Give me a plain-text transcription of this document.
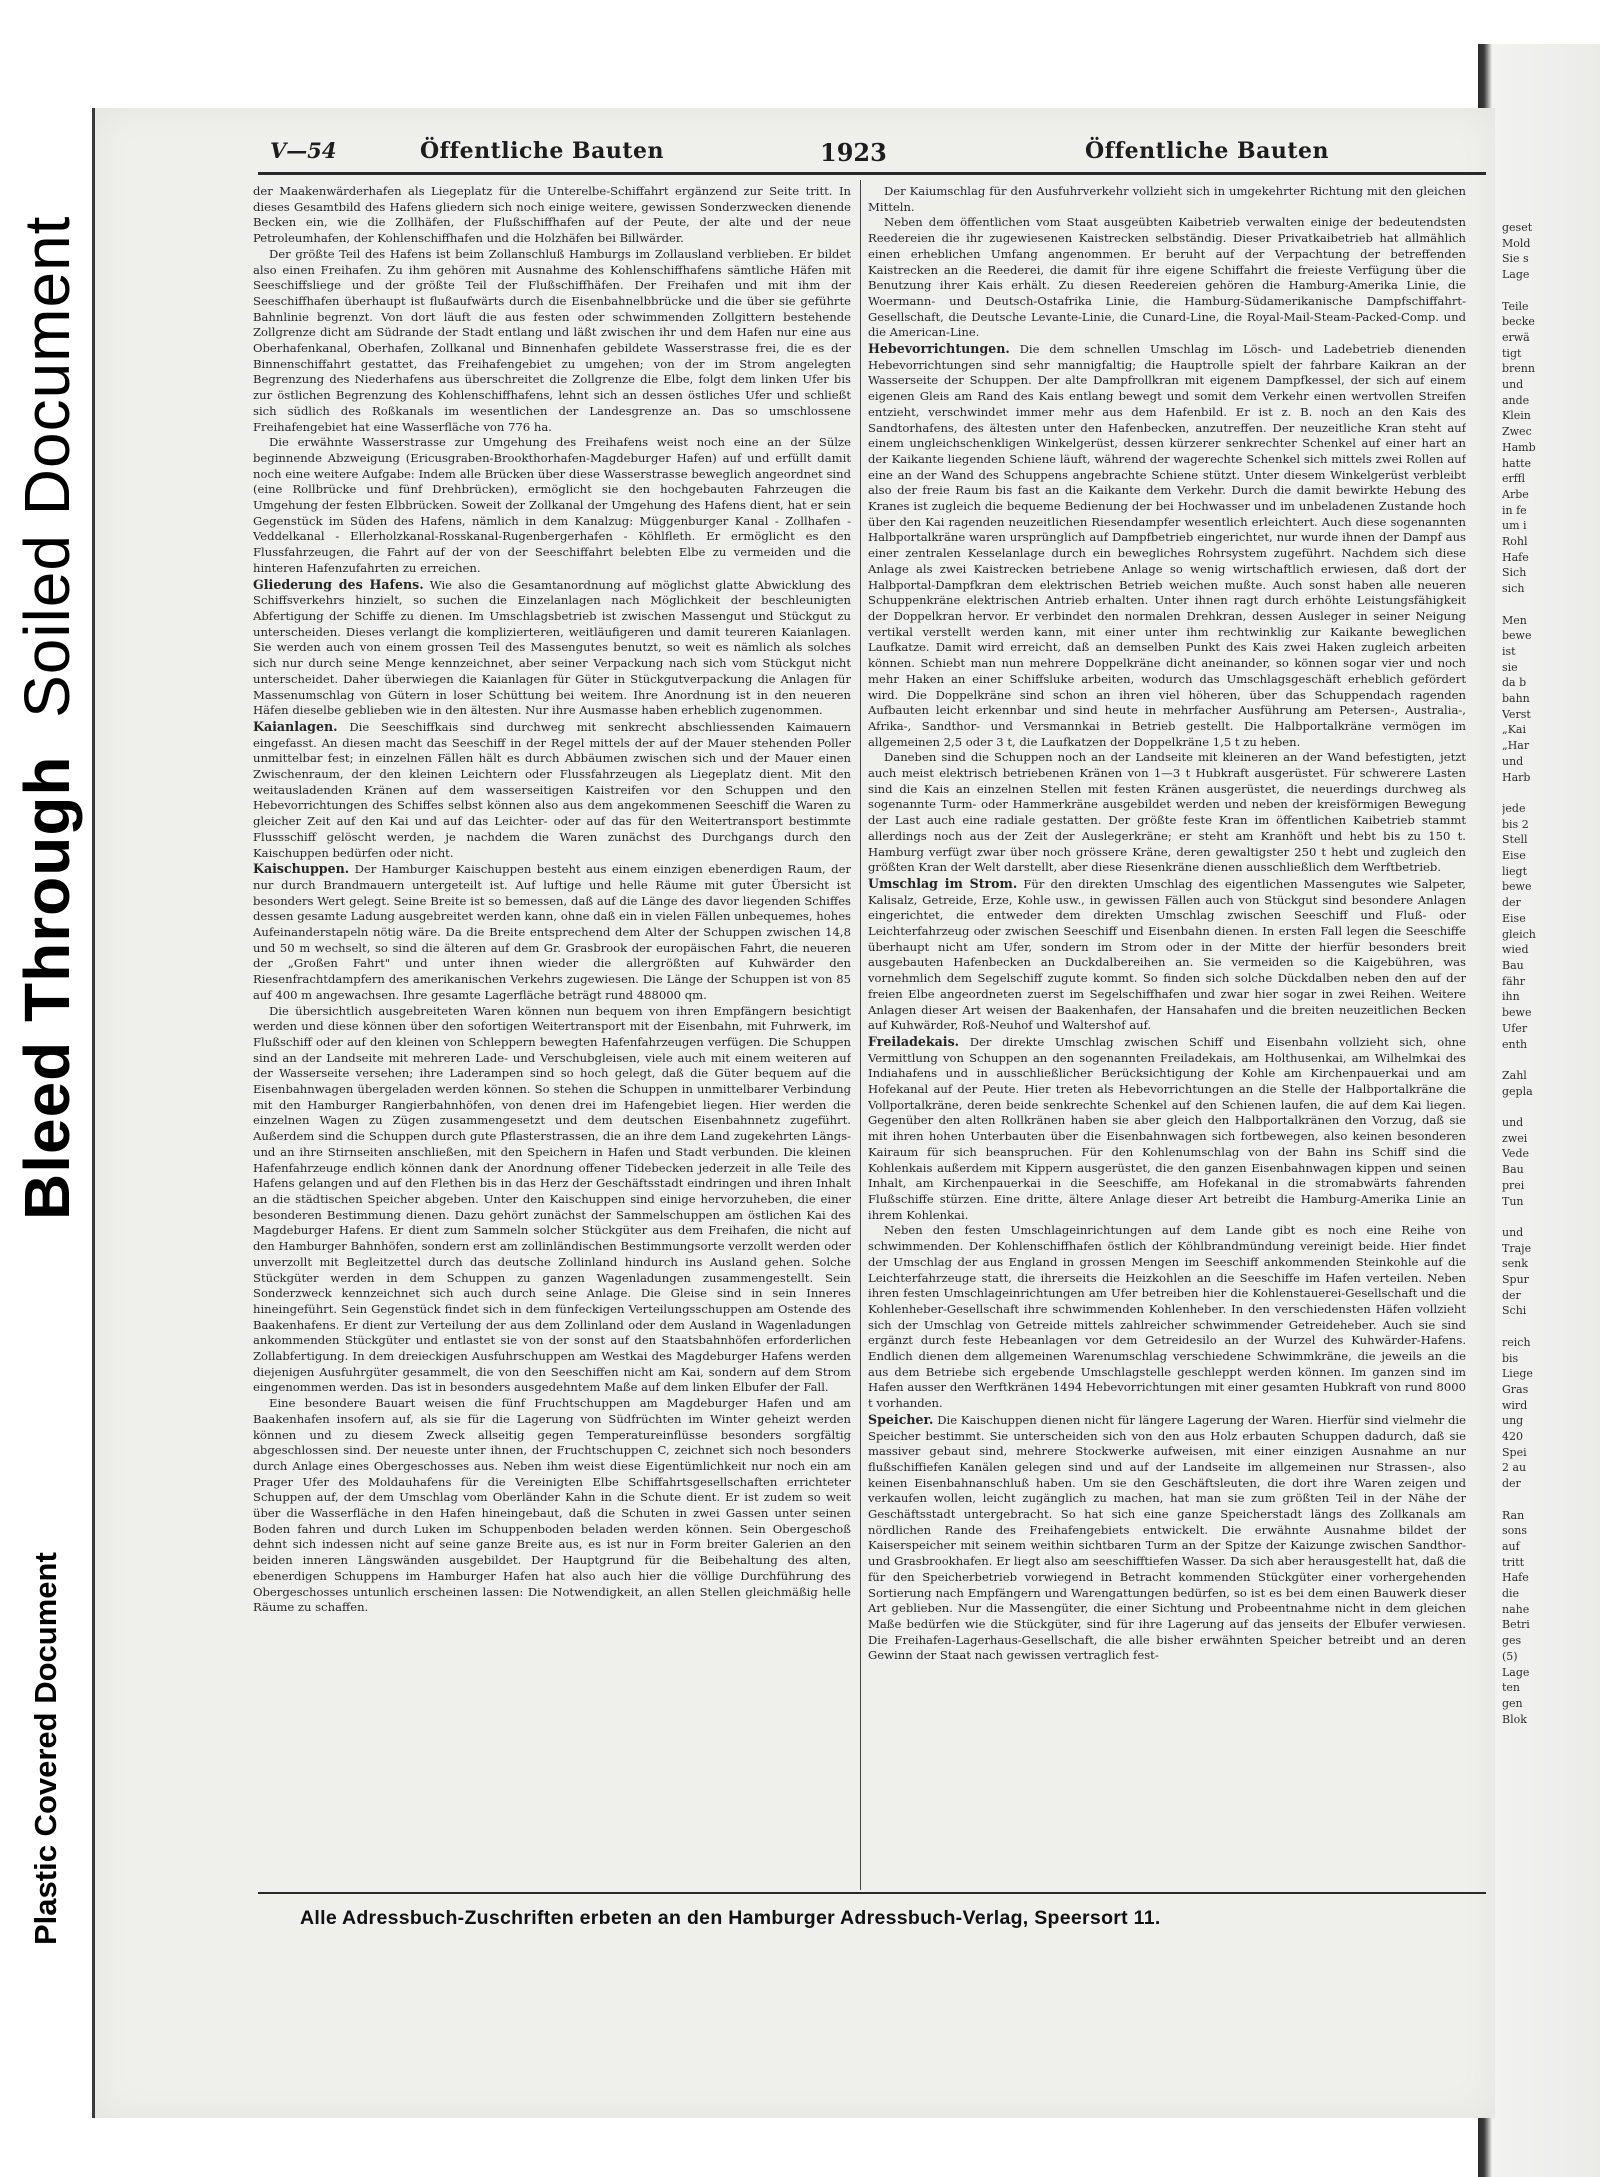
Bleed Through  Soiled Document
Plastic Covered Document
V—54	Öffentliche Bauten	1923	Öffentliche Bauten

der Maakenwärderhafen als Liegeplatz für die Unterelbe-Schiffahrt ergänzend zur Seite tritt. In dieses Gesamtbild des Hafens gliedern sich noch einige weitere, gewissen Sonderzwecken dienende Becken ein, wie die Zollhäfen, der Flußschiffhafen auf der Peute, der alte und der neue Petroleumhafen, der Kohlenschiffhafen und die Holzhäfen bei Billwärder.

Der größte Teil des Hafens ist beim Zollanschluß Hamburgs im Zollausland verblieben. Er bildet also einen Freihafen. Zu ihm gehören mit Ausnahme des Kohlenschiffhafens sämtliche Häfen mit Seeschiffsliege und der größte Teil der Flußschiffhäfen. Der Freihafen und mit ihm der Seeschiffhafen überhaupt ist flußaufwärts durch die Eisenbahnelbbrücke und die über sie geführte Bahnlinie begrenzt. Von dort läuft die aus festen oder schwimmenden Zollgittern bestehende Zollgrenze dicht am Südrande der Stadt entlang und läßt zwischen ihr und dem Hafen nur eine aus Oberhafenkanal, Oberhafen, Zollkanal und Binnenhafen gebildete Wasserstrasse frei, die es der Binnenschiffahrt gestattet, das Freihafengebiet zu umgehen; von der im Strom angelegten Begrenzung des Niederhafens aus überschreitet die Zollgrenze die Elbe, folgt dem linken Ufer bis zur östlichen Begrenzung des Kohlenschiffhafens, lehnt sich an dessen östliches Ufer und schließt sich südlich des Roßkanals im wesentlichen der Landesgrenze an. Das so umschlossene Freihafengebiet hat eine Wasserfläche von 776 ha.

Die erwähnte Wasserstrasse zur Umgehung des Freihafens weist noch eine an der Sülze beginnende Abzweigung (Ericusgraben-Brookthorhafen-Magdeburger Hafen) auf und erfüllt damit noch eine weitere Aufgabe: Indem alle Brücken über diese Wasserstrasse beweglich angeordnet sind (eine Rollbrücke und fünf Drehbrücken), ermöglicht sie den hochgebauten Fahrzeugen die Umgehung der festen Elbbrücken. Soweit der Zollkanal der Umgehung des Hafens dient, hat er sein Gegenstück im Süden des Hafens, nämlich in dem Kanalzug: Müggenburger Kanal - Zollhafen - Veddelkanal - Ellerholzkanal-Rosskanal-Rugenbergerhafen - Köhlfleth. Er ermöglicht es den Flussfahrzeugen, die Fahrt auf der von der Seeschiffahrt belebten Elbe zu vermeiden und die hinteren Hafenzufahrten zu erreichen.

Gliederung des Hafens. Wie also die Gesamtanordnung auf möglichst glatte Abwicklung des Schiffsverkehrs hinzielt, so suchen die Einzelanlagen nach Möglichkeit der beschleunigten Abfertigung der Schiffe zu dienen. Im Umschlagsbetrieb ist zwischen Massengut und Stückgut zu unterscheiden. Dieses verlangt die komplizierteren, weitläufigeren und damit teureren Kaianlagen. Sie werden auch von einem grossen Teil des Massengutes benutzt, so weit es nämlich als solches sich nur durch seine Menge kennzeichnet, aber seiner Verpackung nach sich vom Stückgut nicht unterscheidet. Daher überwiegen die Kaianlagen für Güter in Stückgutverpackung die Anlagen für Massenumschlag von Gütern in loser Schüttung bei weitem. Ihre Anordnung ist in den neueren Häfen dieselbe geblieben wie in den ältesten. Nur ihre Ausmasse haben erheblich zugenommen.

Kaianlagen. Die Seeschiffkais sind durchweg mit senkrecht abschliessenden Kaimauern eingefasst. An diesen macht das Seeschiff in der Regel mittels der auf der Mauer stehenden Poller unmittelbar fest; in einzelnen Fällen hält es durch Abbäumen zwischen sich und der Mauer einen Zwischenraum, der den kleinen Leichtern oder Flussfahrzeugen als Liegeplatz dient. Mit den weitausladenden Kränen auf dem wasserseitigen Kaistreifen vor den Schuppen und den Hebevorrichtungen des Schiffes selbst können also aus dem angekommenen Seeschiff die Waren zu gleicher Zeit auf den Kai und auf das Leichter- oder auf das für den Weitertransport bestimmte Flussschiff gelöscht werden, je nachdem die Waren zunächst des Durchgangs durch den Kaischuppen bedürfen oder nicht.

Kaischuppen. Der Hamburger Kaischuppen besteht aus einem einzigen ebenerdigen Raum, der nur durch Brandmauern untergeteilt ist. Auf luftige und helle Räume mit guter Übersicht ist besonders Wert gelegt. Seine Breite ist so bemessen, daß auf die Länge des davor liegenden Schiffes dessen gesamte Ladung ausgebreitet werden kann, ohne daß ein in vielen Fällen unbequemes, hohes Aufeinanderstapeln nötig wäre. Da die Breite entsprechend dem Alter der Schuppen zwischen 14,8 und 50 m wechselt, so sind die älteren auf dem Gr. Grasbrook der europäischen Fahrt, die neueren der „Großen Fahrt" und unter ihnen wieder die allergrößten auf Kuhwärder den Riesenfrachtdampfern des amerikanischen Verkehrs zugewiesen. Die Länge der Schuppen ist von 85 auf 400 m angewachsen. Ihre gesamte Lagerfläche beträgt rund 488000 qm.

Die übersichtlich ausgebreiteten Waren können nun bequem von ihren Empfängern besichtigt werden und diese können über den sofortigen Weitertransport mit der Eisenbahn, mit Fuhrwerk, im Flußschiff oder auf den kleinen von Schleppern bewegten Hafenfahrzeugen verfügen. Die Schuppen sind an der Landseite mit mehreren Lade- und Verschubgleisen, viele auch mit einem weiteren auf der Wasserseite versehen; ihre Laderampen sind so hoch gelegt, daß die Güter bequem auf die Eisenbahnwagen übergeladen werden können. So stehen die Schuppen in unmittelbarer Verbindung mit den Hamburger Rangierbahnhöfen, von denen drei im Hafengebiet liegen. Hier werden die einzelnen Wagen zu Zügen zusammengesetzt und dem deutschen Eisenbahnnetz zugeführt. Außerdem sind die Schuppen durch gute Pflasterstrassen, die an ihre dem Land zugekehrten Längs- und an ihre Stirnseiten anschließen, mit den Speichern in Hafen und Stadt verbunden. Die kleinen Hafenfahrzeuge endlich können dank der Anordnung offener Tidebecken jederzeit in alle Teile des Hafens gelangen und auf den Flethen bis in das Herz der Geschäftsstadt eindringen und ihren Inhalt an die städtischen Speicher abgeben. Unter den Kaischuppen sind einige hervorzuheben, die einer besonderen Bestimmung dienen. Dazu gehört zunächst der Sammelschuppen am östlichen Kai des Magdeburger Hafens. Er dient zum Sammeln solcher Stückgüter aus dem Freihafen, die nicht auf den Hamburger Bahnhöfen, sondern erst am zollinländischen Bestimmungsorte verzollt werden oder unverzollt mit Begleitzettel durch das deutsche Zollinland hindurch ins Ausland gehen. Solche Stückgüter werden in dem Schuppen zu ganzen Wagenladungen zusammengestellt. Sein Sonderzweck kennzeichnet sich auch durch seine Anlage. Die Gleise sind in sein Inneres hineingeführt. Sein Gegenstück findet sich in dem fünfeckigen Verteilungsschuppen am Ostende des Baakenhafens. Er dient zur Verteilung der aus dem Zollinland oder dem Ausland in Wagenladungen ankommenden Stückgüter und entlastet sie von der sonst auf den Staatsbahnhöfen erforderlichen Zollabfertigung. In dem dreieckigen Ausfuhrschuppen am Westkai des Magdeburger Hafens werden diejenigen Ausfuhrgüter gesammelt, die von den Seeschiffen nicht am Kai, sondern auf dem Strom eingenommen werden. Das ist in besonders ausgedehntem Maße auf dem linken Elbufer der Fall.

Eine besondere Bauart weisen die fünf Fruchtschuppen am Magdeburger Hafen und am Baakenhafen insofern auf, als sie für die Lagerung von Südfrüchten im Winter geheizt werden können und zu diesem Zweck allseitig gegen Temperatureinflüsse besonders sorgfältig abgeschlossen sind. Der neueste unter ihnen, der Fruchtschuppen C, zeichnet sich noch besonders durch Anlage eines Obergeschosses aus. Neben ihm weist diese Eigentümlichkeit nur noch ein am Prager Ufer des Moldauhafens für die Vereinigten Elbe Schiffahrtsgesellschaften errichteter Schuppen auf, der dem Umschlag vom Oberländer Kahn in die Schute dient. Er ist zudem so weit über die Wasserfläche in den Hafen hineingebaut, daß die Schuten in zwei Gassen unter seinen Boden fahren und durch Luken im Schuppenboden beladen werden können. Sein Obergeschoß dehnt sich indessen nicht auf seine ganze Breite aus, es ist nur in Form breiter Galerien an den beiden inneren Längswänden ausgebildet. Der Hauptgrund für die Beibehaltung des alten, ebenerdigen Schuppens im Hamburger Hafen hat also auch hier die völlige Durchführung des Obergeschosses untunlich erscheinen lassen: Die Notwendigkeit, an allen Stellen gleichmäßig helle Räume zu schaffen.

Der Kaiumschlag für den Ausfuhrverkehr vollzieht sich in umgekehrter Richtung mit den gleichen Mitteln.

Neben dem öffentlichen vom Staat ausgeübten Kaibetrieb verwalten einige der bedeutendsten Reedereien die ihr zugewiesenen Kaistrecken selbständig. Dieser Privatkaibetrieb hat allmählich einen erheblichen Umfang angenommen. Er beruht auf der Verpachtung der betreffenden Kaistrecken an die Reederei, die damit für ihre eigene Schiffahrt die freieste Verfügung über die Benutzung ihrer Kais erhält. Zu diesen Reedereien gehören die Hamburg-Amerika Linie, die Woermann- und Deutsch-Ostafrika Linie, die Hamburg-Südamerikanische Dampfschiffahrt-Gesellschaft, die Deutsche Levante-Linie, die Cunard-Line, die Royal-Mail-Steam-Packed-Comp. und die American-Line.

Hebevorrichtungen. Die dem schnellen Umschlag im Lösch- und Ladebetrieb dienenden Hebevorrichtungen sind sehr mannigfaltig; die Hauptrolle spielt der fahrbare Kaikran an der Wasserseite der Schuppen. Der alte Dampfrollkran mit eigenem Dampfkessel, der sich auf einem eigenen Gleis am Rand des Kais entlang bewegt und somit dem Verkehr einen wertvollen Streifen entzieht, verschwindet immer mehr aus dem Hafenbild. Er ist z. B. noch an den Kais des Sandtorhafens, des ältesten unter den Hafenbecken, anzutreffen. Der neuzeitliche Kran steht auf einem ungleichschenkligen Winkelgerüst, dessen kürzerer senkrechter Schenkel auf einer hart an der Kaikante liegenden Schiene läuft, während der wagerechte Schenkel sich mittels zwei Rollen auf eine an der Wand des Schuppens angebrachte Schiene stützt. Unter diesem Winkelgerüst verbleibt also der freie Raum bis fast an die Kaikante dem Verkehr. Durch die damit bewirkte Hebung des Kranes ist zugleich die bequeme Bedienung der bei Hochwasser und im unbeladenen Zustande hoch über den Kai ragenden neuzeitlichen Riesendampfer wesentlich erleichtert. Auch diese sogenannten Halbportalkräne waren ursprünglich auf Dampfbetrieb eingerichtet, nur wurde ihnen der Dampf aus einer zentralen Kesselanlage durch ein bewegliches Rohrsystem zugeführt. Nachdem sich diese Anlage als zwei Kaistrecken betriebene Anlage so wenig wirtschaftlich erwiesen, daß dort der Halbportal-Dampfkran dem elektrischen Betrieb weichen mußte. Auch sonst haben alle neueren Schuppenkräne elektrischen Antrieb erhalten. Unter ihnen ragt durch erhöhte Leistungsfähigkeit der Doppelkran hervor. Er verbindet den normalen Drehkran, dessen Ausleger in seiner Neigung vertikal verstellt werden kann, mit einer unter ihm rechtwinklig zur Kaikante beweglichen Laufkatze. Damit wird erreicht, daß an demselben Punkt des Kais zwei Haken zugleich arbeiten können. Schiebt man nun mehrere Doppelkräne dicht aneinander, so können sogar vier und noch mehr Haken an einer Schiffsluke arbeiten, wodurch das Umschlagsgeschäft erheblich gefördert wird. Die Doppelkräne sind schon an ihren viel höheren, über das Schuppendach ragenden Aufbauten leicht erkennbar und sind heute in mehrfacher Ausführung am Petersen-, Australia-, Afrika-, Sandthor- und Versmannkai in Betrieb gestellt. Die Halbportalkräne vermögen im allgemeinen 2,5 oder 3 t, die Laufkatzen der Doppelkräne 1,5 t zu heben.

Daneben sind die Schuppen noch an der Landseite mit kleineren an der Wand befestigten, jetzt auch meist elektrisch betriebenen Kränen von 1—3 t Hubkraft ausgerüstet. Für schwerere Lasten sind die Kais an einzelnen Stellen mit festen Kränen ausgerüstet, die neuerdings durchweg als sogenannte Turm- oder Hammerkräne ausgebildet werden und neben der kreisförmigen Bewegung der Last auch eine radiale gestatten. Der größte feste Kran im öffentlichen Kaibetrieb stammt allerdings noch aus der Zeit der Auslegerkräne; er steht am Kranhöft und hebt bis zu 150 t. Hamburg verfügt zwar über noch grössere Kräne, deren gewaltigster 250 t hebt und zugleich den größten Kran der Welt darstellt, aber diese Riesenkräne dienen ausschließlich dem Werftbetrieb.

Umschlag im Strom. Für den direkten Umschlag des eigentlichen Massengutes wie Salpeter, Kalisalz, Getreide, Erze, Kohle usw., in gewissen Fällen auch von Stückgut sind besondere Anlagen eingerichtet, die entweder dem direkten Umschlag zwischen Seeschiff und Fluß- oder Leichterfahrzeug oder zwischen Seeschiff und Eisenbahn dienen. In ersten Fall legen die Seeschiffe überhaupt nicht am Ufer, sondern im Strom oder in der Mitte der hierfür besonders breit ausgebauten Hafenbecken an Duckdalbereihen an. Sie vermeiden so die Kaigebühren, was vornehmlich dem Segelschiff zugute kommt. So finden sich solche Dückdalben neben den auf der freien Elbe angeordneten zuerst im Segelschiffhafen und zwar hier sogar in zwei Reihen. Weitere Anlagen dieser Art weisen der Baakenhafen, der Hansahafen und die breiten neuzeitlichen Becken auf Kuhwärder, Roß-Neuhof und Waltershof auf.

Freiladekais. Der direkte Umschlag zwischen Schiff und Eisenbahn vollzieht sich, ohne Vermittlung von Schuppen an den sogenannten Freiladekais, am Holthusenkai, am Wilhelmkai des Indiahafens und in ausschließlicher Berücksichtigung der Kohle am Kirchenpauerkai und am Hofekanal auf der Peute. Hier treten als Hebevorrichtungen an die Stelle der Halbportalkräne die Vollportalkräne, deren beide senkrechte Schenkel auf den Schienen laufen, die auf dem Kai liegen. Gegenüber den alten Rollkränen haben sie aber gleich den Halbportalkränen den Vorzug, daß sie mit ihren hohen Unterbauten über die Eisenbahnwagen sich fortbewegen, also keinen besonderen Kairaum für sich beanspruchen. Für den Kohlenumschlag von der Bahn ins Schiff sind die Kohlenkais außerdem mit Kippern ausgerüstet, die den ganzen Eisenbahnwagen kippen und seinen Inhalt, am Kirchenpauerkai in die Seeschiffe, am Hofekanal in die stromabwärts fahrenden Flußschiffe stürzen. Eine dritte, ältere Anlage dieser Art betreibt die Hamburg-Amerika Linie an ihrem Kohlenkai.

Neben den festen Umschlageinrichtungen auf dem Lande gibt es noch eine Reihe von schwimmenden. Der Kohlenschiffhafen östlich der Köhlbrandmündung vereinigt beide. Hier findet der Umschlag der aus England in grossen Mengen im Seeschiff ankommenden Steinkohle auf die Leichterfahrzeuge statt, die ihrerseits die Heizkohlen an die Seeschiffe im Hafen verteilen. Neben ihren festen Umschlageinrichtungen am Ufer betreiben hier die Kohlenstauerei-Gesellschaft und die Kohlenheber-Gesellschaft ihre schwimmenden Kohlenheber. In den verschiedensten Häfen vollzieht sich der Umschlag von Getreide mittels zahlreicher schwimmender Getreideheber. Auch sie sind ergänzt durch feste Hebeanlagen vor dem Getreidesilo an der Wurzel des Kuhwärder-Hafens. Endlich dienen dem allgemeinen Warenumschlag verschiedene Schwimmkräne, die jeweils an die aus dem Betriebe sich ergebende Umschlagstelle geschleppt werden können. Im ganzen sind im Hafen ausser den Werftkränen 1494 Hebevorrichtungen mit einer gesamten Hubkraft von rund 8000 t vorhanden.

Speicher. Die Kaischuppen dienen nicht für längere Lagerung der Waren. Hierfür sind vielmehr die Speicher bestimmt. Sie unterscheiden sich von den aus Holz erbauten Schuppen dadurch, daß sie massiver gebaut sind, mehrere Stockwerke aufweisen, mit einer einzigen Ausnahme an nur flußschiffiefen Kanälen gelegen sind und auf der Landseite im allgemeinen nur Strassen-, also keinen Eisenbahnanschluß haben. Um sie den Geschäftsleuten, die dort ihre Waren zeigen und verkaufen wollen, leicht zugänglich zu machen, hat man sie zum größten Teil in der Nähe der Geschäftsstadt untergebracht. So hat sich eine ganze Speicherstadt längs des Zollkanals am nördlichen Rande des Freihafengebiets entwickelt. Die erwähnte Ausnahme bildet der Kaiserspeicher mit seinem weithin sichtbaren Turm an der Spitze der Kaizunge zwischen Sandthor- und Grasbrookhafen. Er liegt also am seeschifftiefen Wasser. Da sich aber herausgestellt hat, daß die für den Speicherbetrieb vorwiegend in Betracht kommenden Stückgüter einer vorhergehenden Sortierung nach Empfängern und Warengattungen bedürfen, so ist es bei dem einen Bauwerk dieser Art geblieben. Nur die Massengüter, die einer Sichtung und Probeentnahme nicht in dem gleichen Maße bedürfen wie die Stückgüter, sind für ihre Lagerung auf das jenseits der Elbufer verwiesen. Die Freihafen-Lagerhaus-Gesellschaft, die alle bisher erwähnten Speicher betreibt und an deren Gewinn der Staat nach gewissen vertraglich fest-

Alle Adressbuch-Zuschriften erbeten an den Hamburger Adressbuch-Verlag, Speersort 11.
geset
Mold
Sie s
Lage
Teile
becke
erwä
tigt
brenn
und
ande
Klein
Zwec
Hamb
hatte
erffl
Arbe
in fe
um i
Rohl
Hafe
Sich
sich
Men
bewe
ist
sie
da b
bahn
Verst
„Kai
„Har
und
Harb
jede
bis 2
Stell
Eise
liegt
bewe
der
Eise
gleich
wied
Bau
fähr
ihn
bewe
Ufer
enth
Zahl
gepla
und
zwei
Vede
Bau
prei
Tun
und
Traje
senk
Spur
der
Schi
reich
bis
Liege
Gras
wird
ung
420
Spei
2 au
der
Ran
sons
auf
tritt
Hafe
die
nahe
Betri
ges
(5)
Lage
ten
gen
Blok
